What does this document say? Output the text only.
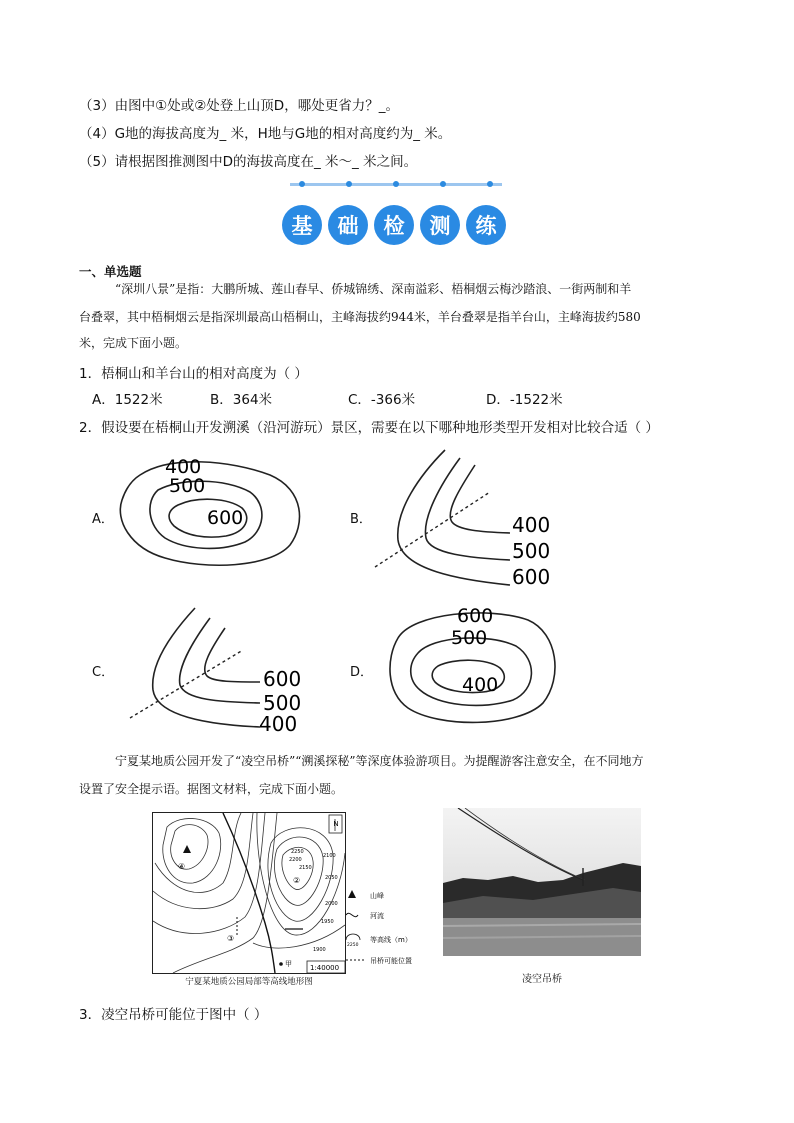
（3）由图中①处或②处登上山顶D，哪处更省力？_。
（4）G地的海拔高度为_ 米，H地与G地的相对高度约为_ 米。
（5）请根据图推测图中D的海拔高度在_ 米～_ 米之间。
基	础	检	测	练
一、单选题
“深圳八景”是指：大鹏所城、莲山春早、侨城锦绣、深南溢彩、梧桐烟云梅沙踏浪、一街两制和羊
台叠翠，其中梧桐烟云是指深圳最高山梧桐山，主峰海拔约944米，羊台叠翠是指羊台山，主峰海拔约580
米，完成下面小题。
1．梧桐山和羊台山的相对高度为（ ）
A．1522米	B．364米	C．-366米	D．-1522米
2．假设要在梧桐山开发溯溪（沿河游玩）景区，需要在以下哪种地形类型开发相对比较合适（ ）
A．	B．
C．	D．
400
500
600	400
500
600
600
500
400
600
500
400
宁夏某地质公园开发了“凌空吊桥”“溯溪探秘”等深度体验游项目。为提醒游客注意安全，在不同地方
设置了安全提示语。据图文材料，完成下面小题。
N
1:40000
2250
2200
2150
2100
2050
2000
1950
1900
④
②
③
甲
山峰
河流
2250
等高线（m）
吊桥可能位置
宁夏某地质公园局部等高线地形图	凌空吊桥
3．凌空吊桥可能位于图中（ ）
